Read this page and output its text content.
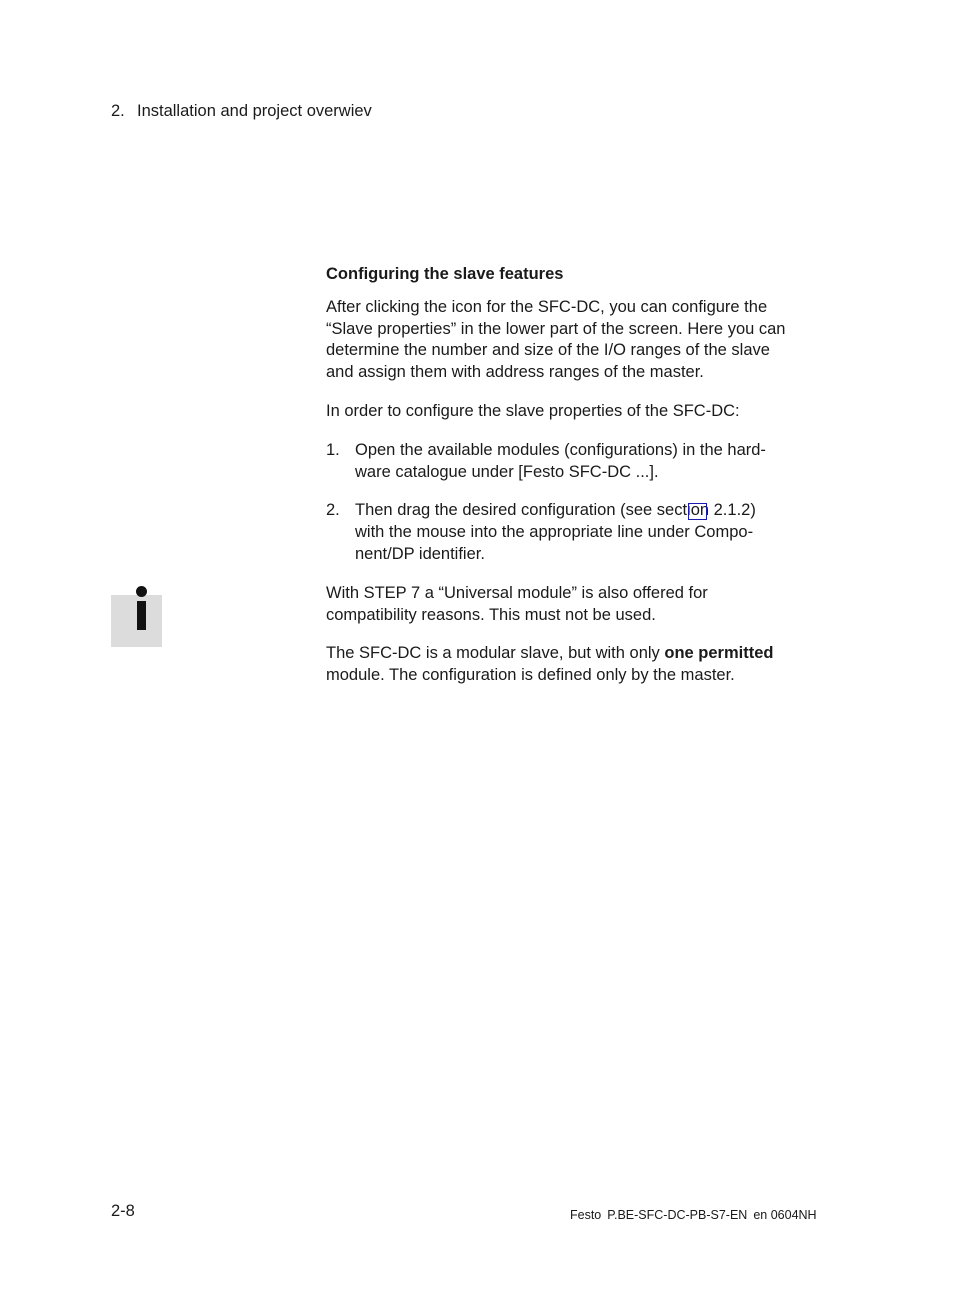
2. Installation and project overwiev
Configuring the slave features

After clicking the icon for the SFC-DC, you can configure the “Slave properties” in the lower part of the screen. Here you can determine the number and size of the I/O ranges of the slave and assign them with address ranges of the master.

In order to configure the slave properties of the SFC-DC:

1. Open the available modules (configurations) in the hard-ware catalogue under [Festo SFC-DC ...].
2. Then drag the desired configuration (see section 2.1.2) with the mouse into the appropriate line under Compo-nent/DP identifier.

With STEP 7 a “Universal module” is also offered for compatibility reasons. This must not be used.

The SFC-DC is a modular slave, but with only one permitted module. The configuration is defined only by the master.

2-8	Festo P.BE-SFC-DC-PB-S7-EN en 0604NH
